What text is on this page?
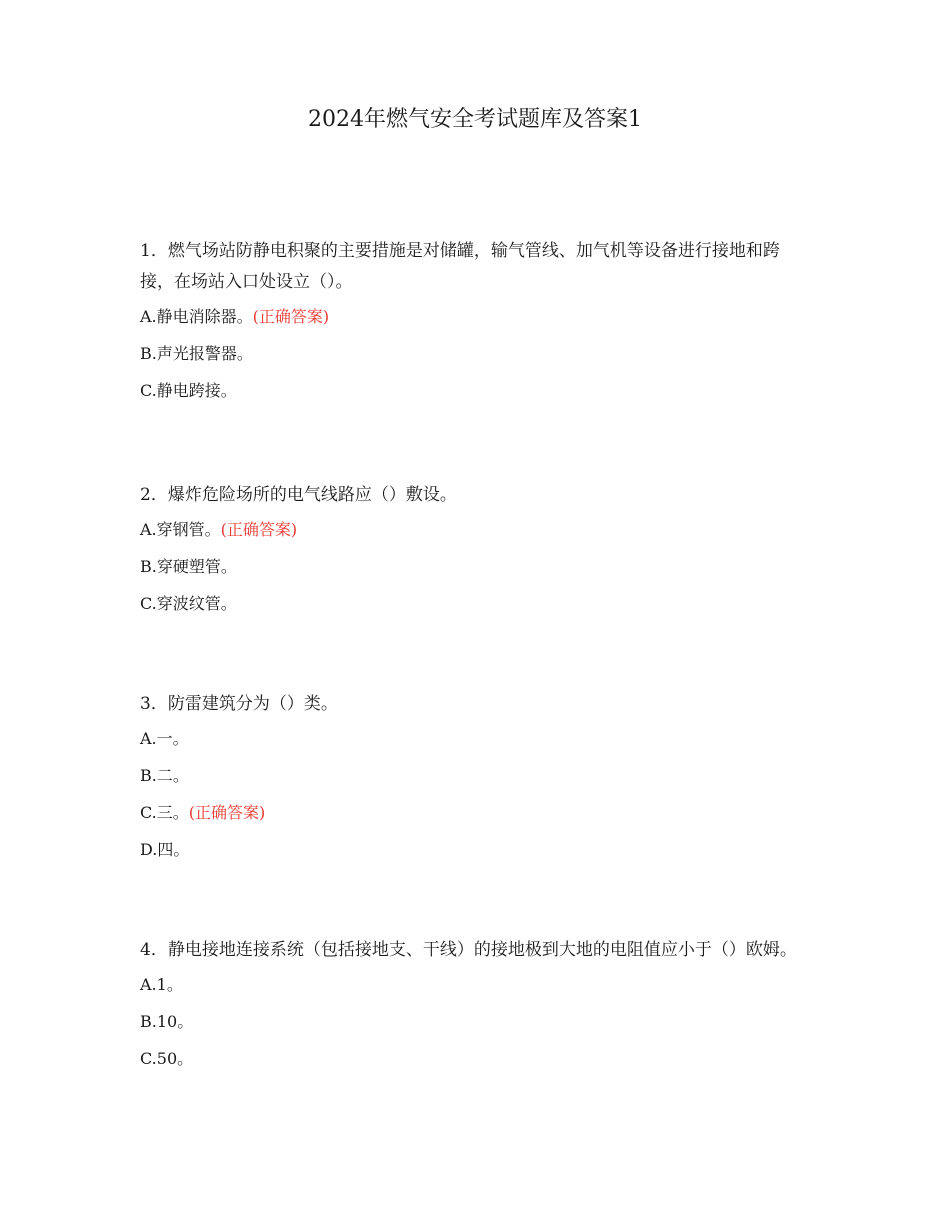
2024年燃气安全考试题库及答案1

1．燃气场站防静电积聚的主要措施是对储罐，输气管线、加气机等设备进行接地和跨接，在场站入口处设立（）。

A.静电消除器。(正确答案)

B.声光报警器。

C.静电跨接。

2．爆炸危险场所的电气线路应（）敷设。

A.穿钢管。(正确答案)

B.穿硬塑管。

C.穿波纹管。

3．防雷建筑分为（）类。

A.一。

B.二。

C.三。(正确答案)

D.四。

4．静电接地连接系统（包括接地支、干线）的接地极到大地的电阻值应小于（）欧姆。

A.1。

B.10。

C.50。
